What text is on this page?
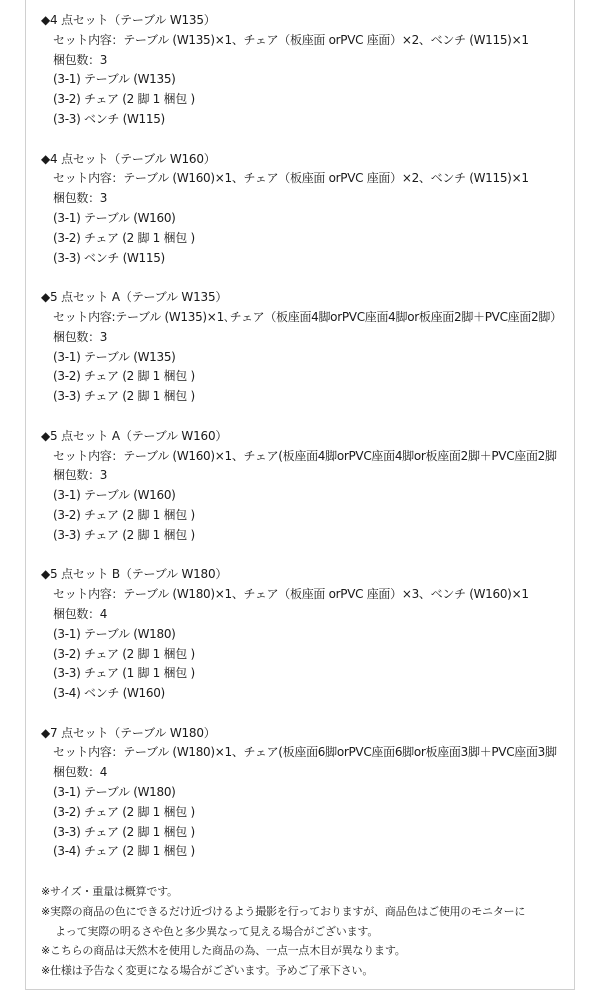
◆4 点セット（テーブル W135）
セット内容：テーブル (W135)×1、チェア（板座面 orPVC 座面）×2、ベンチ (W115)×1
梱包数：3
(3-1) テーブル (W135)
(3-2) チェア (2 脚 1 梱包 )
(3-3) ベンチ (W115)
◆4 点セット（テーブル W160）
セット内容：テーブル (W160)×1、チェア（板座面 orPVC 座面）×2、ベンチ (W115)×1
梱包数：3
(3-1) テーブル (W160)
(3-2) チェア (2 脚 1 梱包 )
(3-3) ベンチ (W115)
◆5 点セット A（テーブル W135）
セット内容:テーブル (W135)×1､チェア（板座面4脚orPVC座面4脚or板座面2脚＋PVC座面2脚）
梱包数：3
(3-1) テーブル (W135)
(3-2) チェア (2 脚 1 梱包 )
(3-3) チェア (2 脚 1 梱包 )
◆5 点セット A（テーブル W160）
セット内容：テーブル (W160)×1、チェア(板座面4脚orPVC座面4脚or板座面2脚＋PVC座面2脚
梱包数：3
(3-1) テーブル (W160)
(3-2) チェア (2 脚 1 梱包 )
(3-3) チェア (2 脚 1 梱包 )
◆5 点セット B（テーブル W180）
セット内容：テーブル (W180)×1、チェア（板座面 orPVC 座面）×3、ベンチ (W160)×1
梱包数：4
(3-1) テーブル (W180)
(3-2) チェア (2 脚 1 梱包 )
(3-3) チェア (1 脚 1 梱包 )
(3-4) ベンチ (W160)
◆7 点セット（テーブル W180）
セット内容：テーブル (W180)×1、チェア(板座面6脚orPVC座面6脚or板座面3脚＋PVC座面3脚
梱包数：4
(3-1) テーブル (W180)
(3-2) チェア (2 脚 1 梱包 )
(3-3) チェア (2 脚 1 梱包 )
(3-4) チェア (2 脚 1 梱包 )
※サイズ・重量は概算です。
※実際の商品の色にできるだけ近づけるよう撮影を行っておりますが、商品色はご使用のモニターに
よって実際の明るさや色と多少異なって見える場合がございます。
※こちらの商品は天然木を使用した商品の為、一点一点木目が異なります。
※仕様は予告なく変更になる場合がございます。予めご了承下さい。
